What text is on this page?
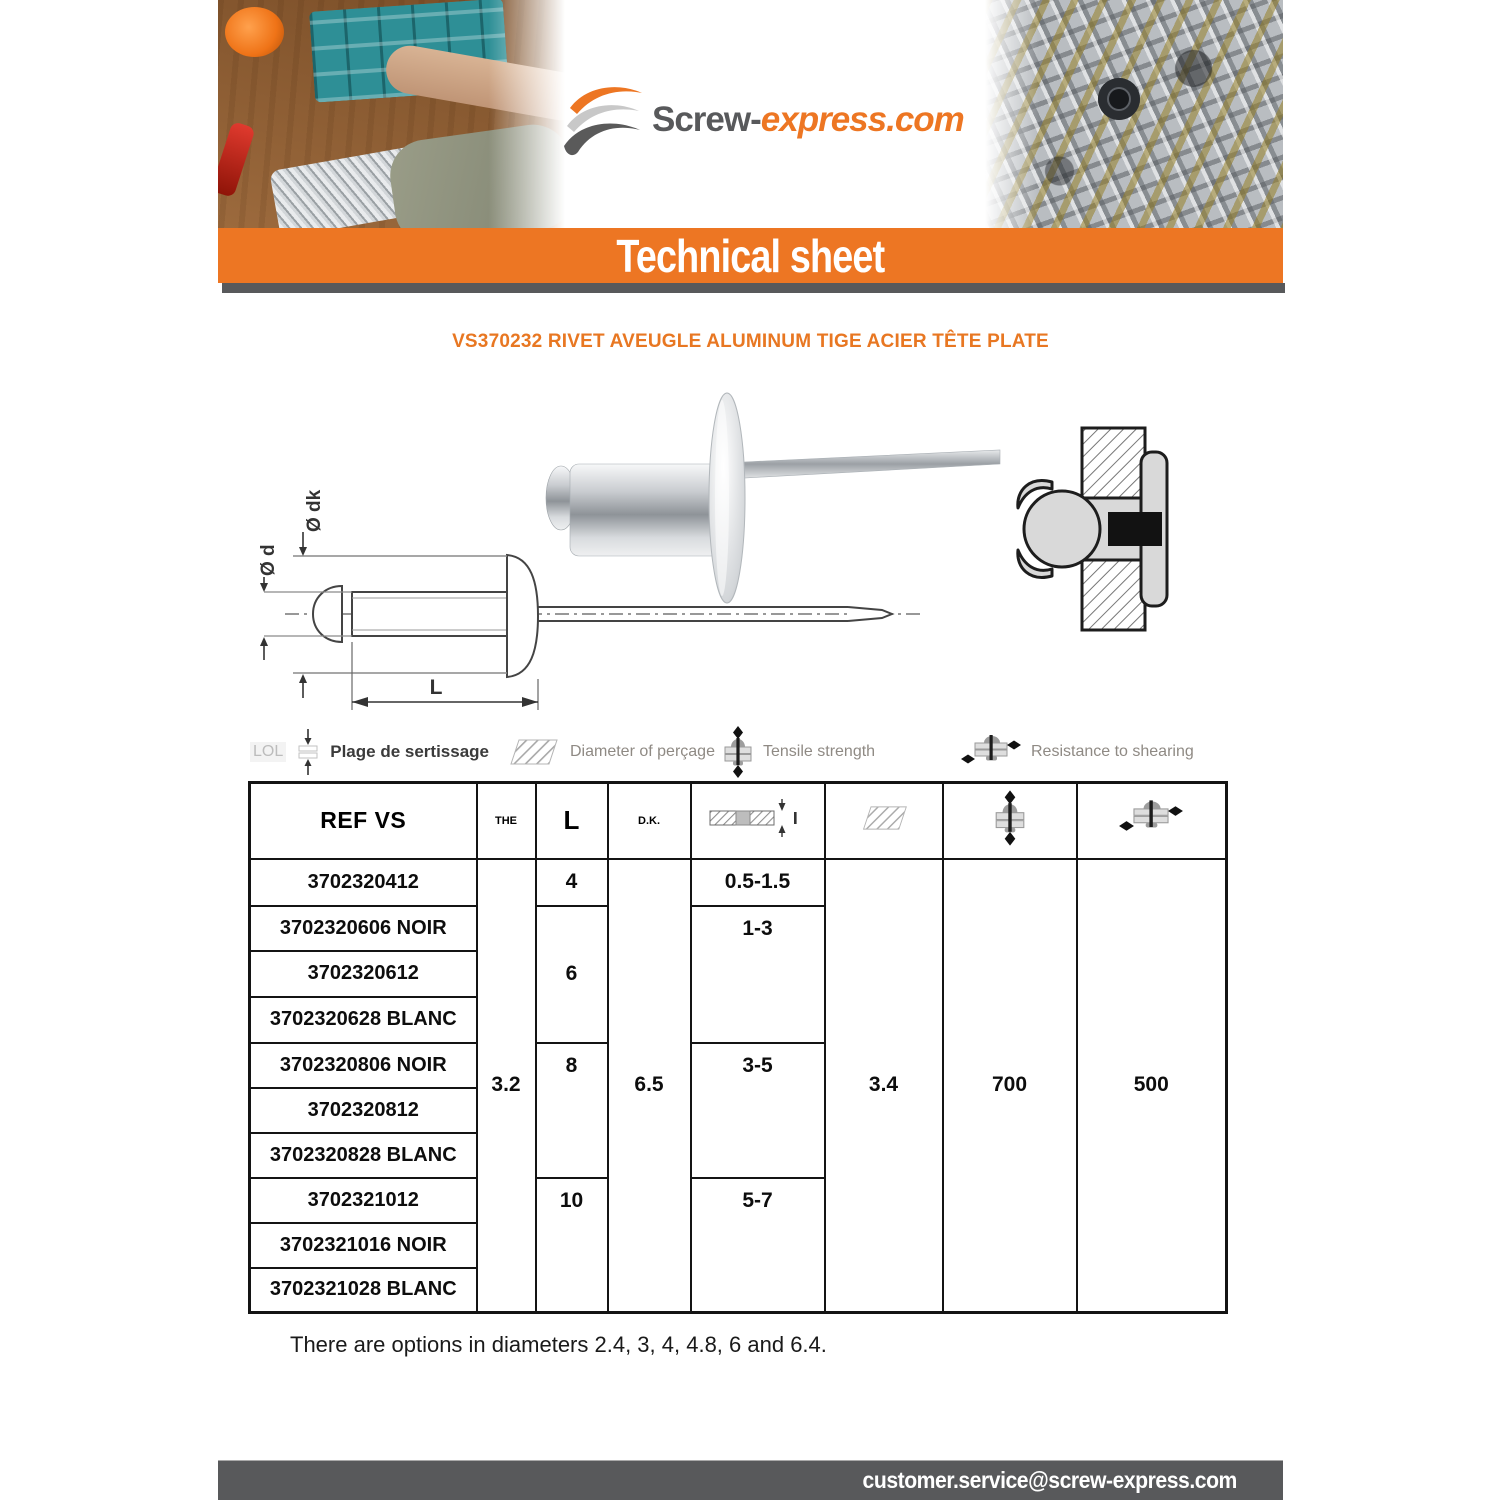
Screw-express.com
Technical sheet
VS370232 RIVET AVEUGLE ALUMINUM TIGE ACIER TÊTE PLATE
Ø dk
Ø d
L
LOL	Plage de sertissage	Diameter of perçage	Tensile strength	Resistance to shearing
REF VS	THE	L	D.K.				

3702320412	3.2	4	6.5	0.5-1.5	3.4	700	500

3702320606 NOIR		6		1-3			

3702320612							

3702320628 BLANC							

3702320806 NOIR		8		3-5			

3702320812							

3702320828 BLANC							

3702321012		10		5-7			

3702321016 NOIR							

3702321028 BLANC							
There are options in diameters 2.4, 3, 4, 4.8, 6 and 6.4.
customer.service@screw-express.com
